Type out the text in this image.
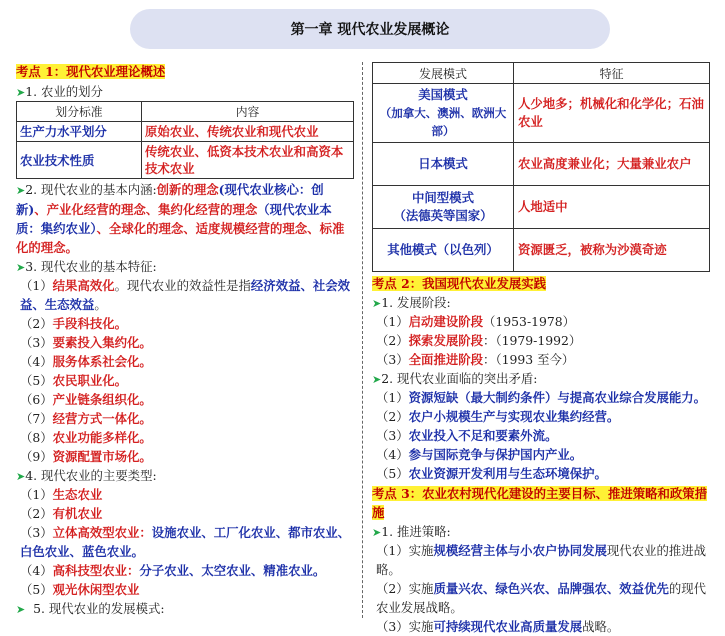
第一章 现代农业发展概论
考点 1：现代农业理论概述
➤1. 农业的划分
划分标准	内容
生产力水平划分	原始农业、传统农业和现代农业
农业技术性质	传统农业、低资本技术农业和高资本技术农业
➤2. 现代农业的基本内涵:创新的理念(现代农业核心：创新)、产业化经营的理念、集约化经营的理念（现代农业本质：集约农业）、全球化的理念、适度规模经营的理念、标准化的理念。
➤3. 现代农业的基本特征:
（1）结果高效化。现代农业的效益性是指经济效益、社会效益、生态效益。
（2）手段科技化。
（3）要素投入集约化。
（4）服务体系社会化。
（5）农民职业化。
（6）产业链条组织化。
（7）经营方式一体化。
（8）农业功能多样化。
（9）资源配置市场化。
➤4. 现代农业的主要类型:
（1）生态农业
（2）有机农业
（3）立体高效型农业：设施农业、工厂化农业、都市农业、白色农业、蓝色农业。
（4）高科技型农业：分子农业、太空农业、精准农业。
（5）观光休闲型农业
➤ 5. 现代农业的发展模式:
发展模式	特征

美国模式
（加拿大、澳洲、欧洲大部）	人少地多；机械化和化学化；石油农业
日本模式	农业高度兼业化；大量兼业农户

中间型模式
（法德英等国家）	人地适中
其他模式（以色列）	资源匮乏，被称为沙漠奇迹
考点 2：我国现代农业发展实践
➤1. 发展阶段:
（1）启动建设阶段（1953-1978）
（2）探索发展阶段：（1979-1992）
（3）全面推进阶段：（1993 至今）
➤2. 现代农业面临的突出矛盾:
（1）资源短缺（最大制约条件）与提高农业综合发展能力。
（2）农户小规模生产与实现农业集约经营。
（3）农业投入不足和要素外流。
（4）参与国际竞争与保护国内产业。
（5）农业资源开发利用与生态环境保护。
考点 3：农业农村现代化建设的主要目标、推进策略和政策措施
➤1. 推进策略:
（1）实施规模经营主体与小农户协同发展现代农业的推进战略。
（2）实施质量兴农、绿色兴农、品牌强农、效益优先的现代农业发展战略。
（3）实施可持续现代农业高质量发展战略。
